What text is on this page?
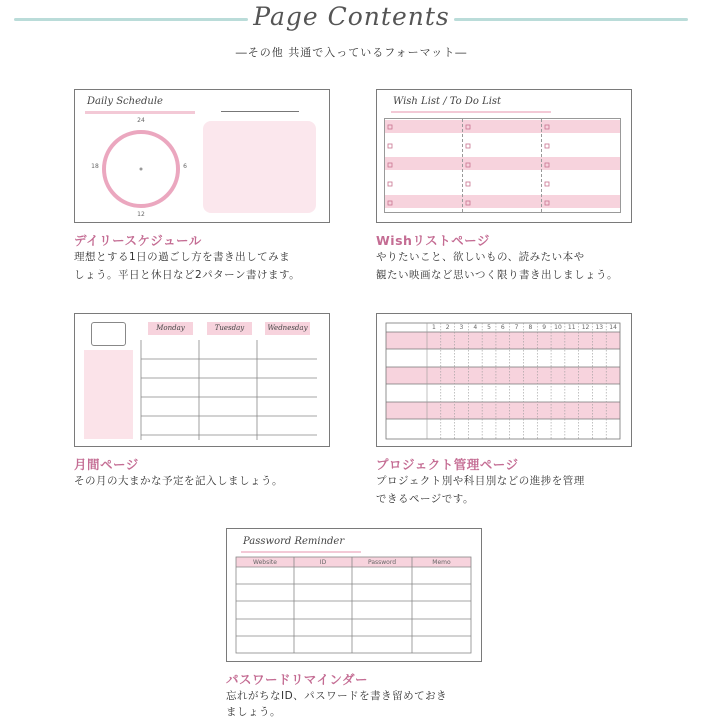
Page Contents
―その他 共通で入っているフォーマット―
Daily Schedule
24
6
12
18
デイリースケジュール
理想とする1日の過ごし方を書き出してみま
しょう。平日と休日など2パターン書けます。
Wish List / To Do List
Wishリストページ
やりたいこと、欲しいもの、読みたい本や
観たい映画など思いつく限り書き出しましょう。
Monday	Tuesday	Wednesday
月間ページ
その月の大まかな予定を記入しましょう。
1	2	3	4	5	6	7	8	9	10	11	12	13	14
プロジェクト管理ページ
プロジェクト別や科目別などの進捗を管理
できるページです。
Password Reminder
Website	ID	Password	Memo
パスワードリマインダー
忘れがちなID、パスワードを書き留めておき
ましょう。
